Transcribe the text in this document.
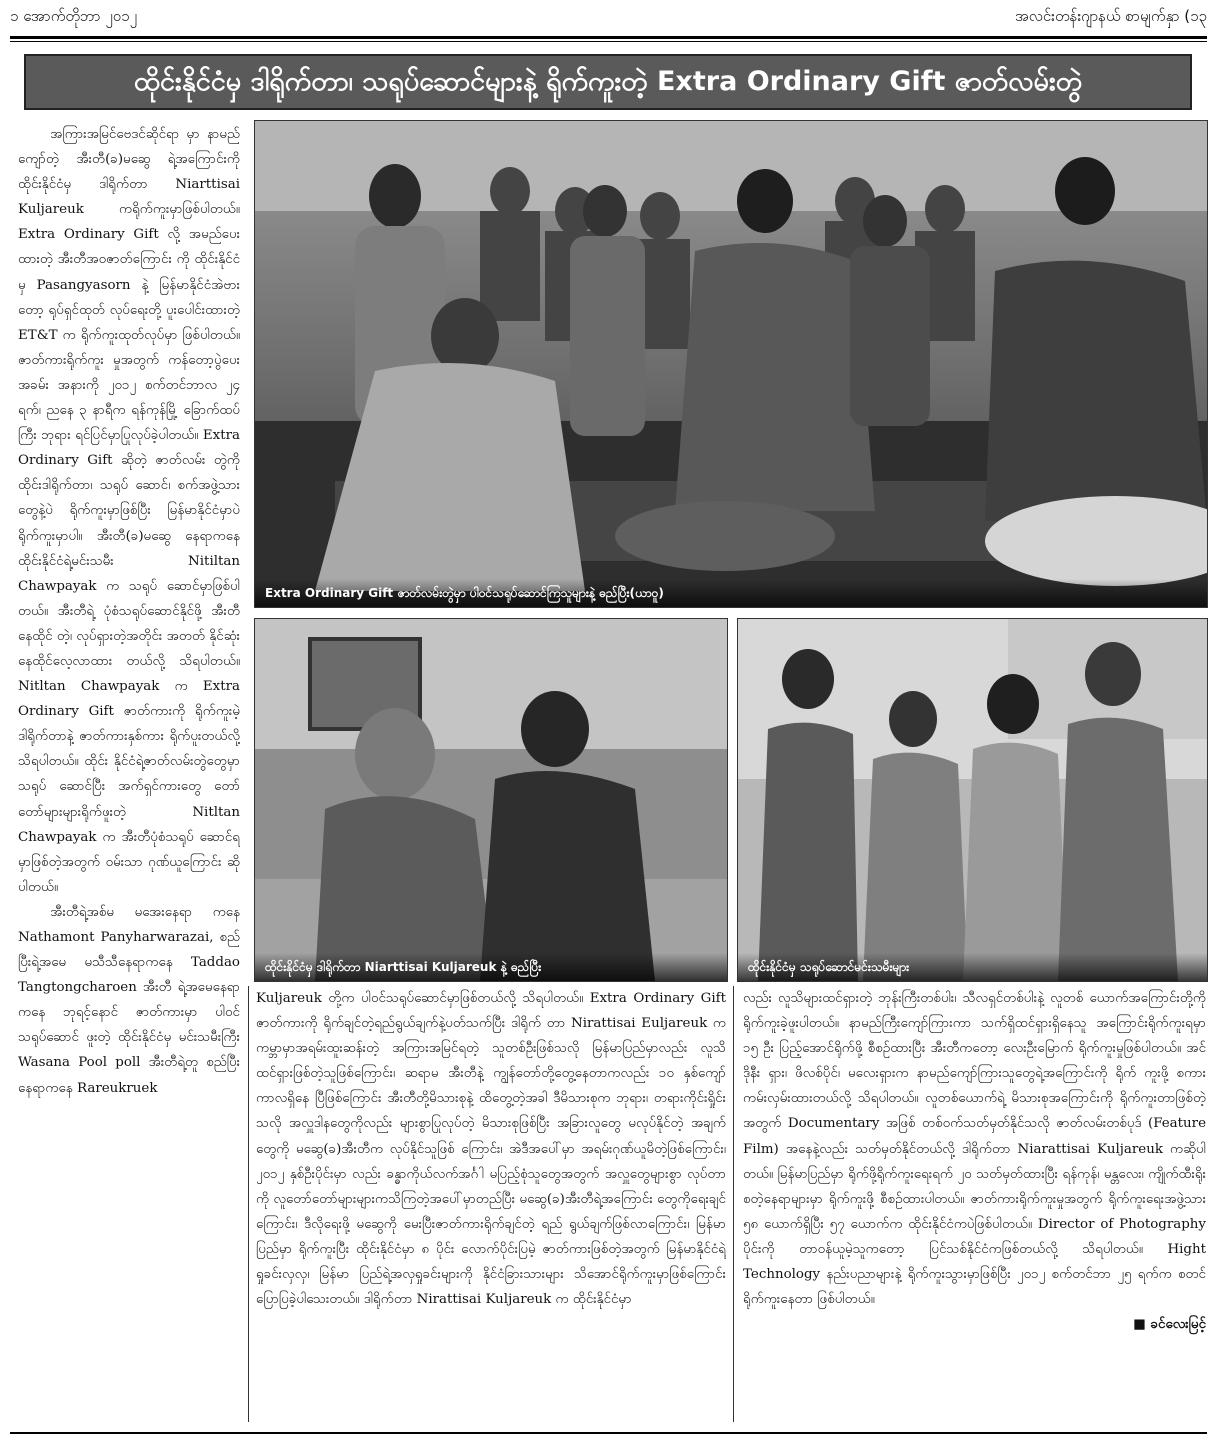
၁ အောက်တိုဘာ ၂၀၁၂	အလင်းတန်းဂျာနယ် စာမျက်နှာ (၁၃
ထိုင်းနိုင်ငံမှ ဒါရိုက်တာ၊ သရုပ်ဆောင်များနဲ့ ရိုက်ကူးတဲ့ Extra Ordinary Gift ဇာတ်လမ်းတွဲ

အကြားအမြင်ဗေဒင်ဆိုင်ရာ မှာ နာမည်ကျော်တဲ့ အီးတီ(ခ)မဆွေ ရဲ့အကြောင်းကို ထိုင်းနိုင်ငံမှ ဒါရိုက်တာ Niarttisai Kuljareuk ကရိုက်ကူးမှာဖြစ်ပါတယ်။ Extra Ordinary Gift လို့ အမည်ပေး ထားတဲ့ အီးတီအဝဇာတ်ကြောင်း ကို ထိုင်းနိုင်ငံမှ Pasangyasorn နဲ့ မြန်မာနိုင်ငံအဲဗားတော့ ရုပ်ရှင်ထုတ် လုပ်ရေးတို့ ပူးပေါင်းထားတဲ့ ET&T က ရိုက်ကူးထုတ်လုပ်မှာ ဖြစ်ပါတယ်။ ဇာတ်ကားရိုက်ကူး မှုအတွက် ကန်တော့ပွဲပေး အခမ်း အနားကို ၂၀၁၂ စက်တင်ဘာလ ၂၄ ရက်၊ ညနေ ၃ နာရီက ရန်ကုန်မြို့ ခြောက်ထပ်ကြီး ဘုရား ရင်ပြင်မှာပြုလုပ်ခဲ့ပါတယ်။ Extra Ordinary Gift ဆိုတဲ့ ဇာတ်လမ်း တွဲကို ထိုင်းဒါရိုက်တာ၊ သရုပ် ဆောင်၊ စက်အဖွဲ့သားတွေနဲ့ပဲ ရိုက်ကူးမှာဖြစ်ပြီး မြန်မာနိုင်ငံမှာပဲ ရိုက်ကူးမှာပါ။ အီးတီ(ခ)မဆွေ နေရာကနေ ထိုင်းနိုင်ငံရဲ့မင်းသမီး Nitiltan Chawpayak က သရုပ် ဆောင်မှာဖြစ်ပါတယ်။ အီးတီရဲ့ ပုံစံသရုပ်ဆောင်နိုင်ဖို့ အီးတီနေထိုင် တဲ့၊ လုပ်ရှားတဲ့အတိုင်း အတတ် နိုင်ဆုံး နေထိုင်လေ့လာထား တယ်လို့ သိရပါတယ်။ Nitltan Chawpayak က Extra Ordinary Gift ဇာတ်ကားကို ရိုက်ကူးမဲ့ ဒါရိုက်တာနဲ့ ဇာတ်ကားနှစ်ကား ရိုက်ပူးတယ်လို့သိရပါတယ်။ ထိုင်း နိုင်ငံရဲ့ဇာတ်လမ်းတွဲတွေမှာ သရုပ် ဆောင်ပြီး အက်ရှင်ကားတွေ တော် တော်များများရိုက်ဖူးတဲ့ Nitltan Chawpayak က အီးတီပုံစံသရုပ် ဆောင်ရမှာဖြစ်တဲ့အတွက် ဝမ်းသာ ဂုဏ်ယူကြောင်း ဆိုပါတယ်။

အီးတီရဲ့အစ်မ မအေးနေရာ ကနေ Nathamont Panyharwarazai, စည်ပြီးရဲ့အမေ မသီသီနေရာကနေ Taddao Tangtongcharoen အီးတီ ရဲ့အမေနေရာကနေ ဘုရင့်နောင် ဇာတ်ကားမှာ ပါဝင်သရုပ်ဆောင် ဖူးတဲ့ ထိုင်းနိုင်ငံမှ မင်းသမီးကြီး Wasana Pool poll အီးတီရဲ့တူ စည်ပြီးနေရာကနေ Rareukruek

Extra Ordinary Gift ဇာတ်လမ်းတွဲမှာ ပါဝင်သရုပ်ဆောင်ကြသူများနဲ့ ဓည်ပြီး(ယာဝူ)
ထိုင်းနိုင်ငံမှ ဒါရိုက်တာ Niarttisai Kuljareuk နဲ့ ဓည်ပြီး	ထိုင်းနိုင်ငံမှ သရုပ်ဆောင်မင်းသမီးများ

Kuljareuk တို့က ပါဝင်သရုပ်ဆောင်မှာဖြစ်တယ်လို့ သိရပါတယ်။ Extra Ordinary Gift ဇာတ်ကားကို ရိုက်ချင်တဲ့ရည်ရွယ်ချက်နဲ့ပတ်သက်ပြီး ဒါရိုက် တာ Nirattisai Euljareuk က ကမ္ဘာမှာအရမ်းထူးဆန်းတဲ့ အကြားအမြင်ရတဲ့ သူတစ်ဦးဖြစ်သလို မြန်မာပြည်မှာလည်း လူသိထင်ရှားဖြစ်တဲ့သူဖြစ်ကြောင်း၊ ဆရာမ အီးတီနဲ့ ကျွန်တော်တို့တွေ့နေတာကလည်း ၁၀ နှစ်ကျော်ကာလရှိနေ ပြီဖြစ်ကြောင်း အီးတီတို့မိသားစုနဲ့ ထိတွေ့တဲ့အခါ ဒီမိသားစုက ဘုရား၊ တရားကိုင်းရှိုင်းသလို အလှူဒါနတွေကိုလည်း များစွာပြုလုပ်တဲ့ မိသားစုဖြစ်ပြီး အခြားလူတွေ မလုပ်နိုင်တဲ့ အချက်တွေကို မဆွေ(ခ)အီးတီက လုပ်နိုင်သူဖြစ် ကြောင်း၊ အဲဒီအပေါ်မှာ အရမ်းဂုဏ်ယူမိတဲ့ဖြစ်ကြောင်း၊ ၂၀၁၂ နှစ်ဦးပိုင်းမှာ လည်း ခန္ဓာကိုယ်လက်အင်္ဂါ မပြည့်စုံသူတွေအတွက် အလှူတွေများစွာ လုပ်တာ ကို လူတော်တော်များများကသိကြတဲ့အပေါ်မှာတည်ပြီး မဆွေ(ခ)အီးတီရဲ့အကြောင်း တွေကိုရေးချင်ကြောင်း၊ ဒီလိုရေးဖို့ မဆွေကို မေးပြီးဇာတ်ကားရိုက်ချင်တဲ့ ရည် ရွယ်ချက်ဖြစ်လာကြောင်း၊ မြန်မာပြည်မှာ ရိုက်ကူးပြီး ထိုင်းနိုင်ငံမှာ ၈ ပိုင်း လောက်ပိုင်းပြမဲ့ ဇာတ်ကားဖြစ်တဲ့အတွက် မြန်မာနိုင်ငံရဲ့ရှုခင်းလှလှ၊ မြန်မာ ပြည်ရဲ့အလှရှုခင်းများကို နိုင်ငံခြားသားများ သိအောင်ရိုက်ကူးမှာဖြစ်ကြောင်း ပြောပြခဲ့ပါသေးတယ်။ ဒါရိုက်တာ Nirattisai Kuljareuk က ထိုင်းနိုင်ငံမှာ

လည်း လူသိများထင်ရှားတဲ့ ဘုန်းကြီးတစ်ပါး၊ သီလရှင်တစ်ပါးနဲ့ လူတစ် ယောက်အကြောင်းတို့ကို ရိုက်ကူးခဲ့ဖူးပါတယ်။ နာမည်ကြီးကျော်ကြားကာ သက်ရှိထင်ရှားရှိနေသူ အကြောင်းရိုက်ကူးရမှာ ၁၅ ဦး ပြည့်အောင်ရိုက်ဖို့ စီစဉ်ထားပြီး အီးတီကတော့ လေးဦးမြောက် ရိုက်ကူးမှုဖြစ်ပါတယ်။ အင်ဒိုနီး ရှား၊ ဖိလစ်ပိုင်၊ မလေးရှားက နာမည်ကျော်ကြားသူတွေရဲ့အကြောင်းကို ရိုက် ကူးဖို့ စကားကမ်းလှမ်းထားတယ်လို့ သိရပါတယ်။ လူတစ်ယောက်ရဲ့ မိသားစုအကြောင်းကို ရိုက်ကူးတာဖြစ်တဲ့အတွက် Documentary အဖြစ် တစ်ဝက်သတ်မှတ်နိုင်သလို ဇာတ်လမ်းတစ်ပုဒ် (Feature Film) အနေနဲ့လည်း သတ်မှတ်နိုင်တယ်လို့ ဒါရိုက်တာ Niarattisai Kuljareuk ကဆိုပါတယ်။ မြန်မာပြည်မှာ ရိုက်ဖို့ရိုက်ကူးရေးရက် ၂၀ သတ်မှတ်ထားပြီး ရန်ကုန်၊ မန္တလေး၊ ကျိုက်ထီးရိုးစတဲ့နေရာများမှာ ရိုက်ကူးဖို့ စီစဉ်ထားပါတယ်။ ဇာတ်ကားရိုက်ကူးမှုအတွက် ရိုက်ကူးရေးအဖွဲ့သား ၅၈ ယောက်ရှိပြီး ၅၇ ယောက်က ထိုင်းနိုင်ငံကပဲဖြစ်ပါတယ်။ Director of Photography ပိုင်းကို တာဝန်ယူမဲ့သူကတော့ ပြင်သစ်နိုင်ငံကဖြစ်တယ်လို့ သိရပါတယ်။ Hight Technology နည်းပညာများနဲ့ ရိုက်ကူးသွားမှာဖြစ်ပြီး ၂၀၁၂ စက်တင်ဘာ ၂၅ ရက်က စတင်ရိုက်ကူးနေတာ ဖြစ်ပါတယ်။

■ ခင်လေးမြင့်
